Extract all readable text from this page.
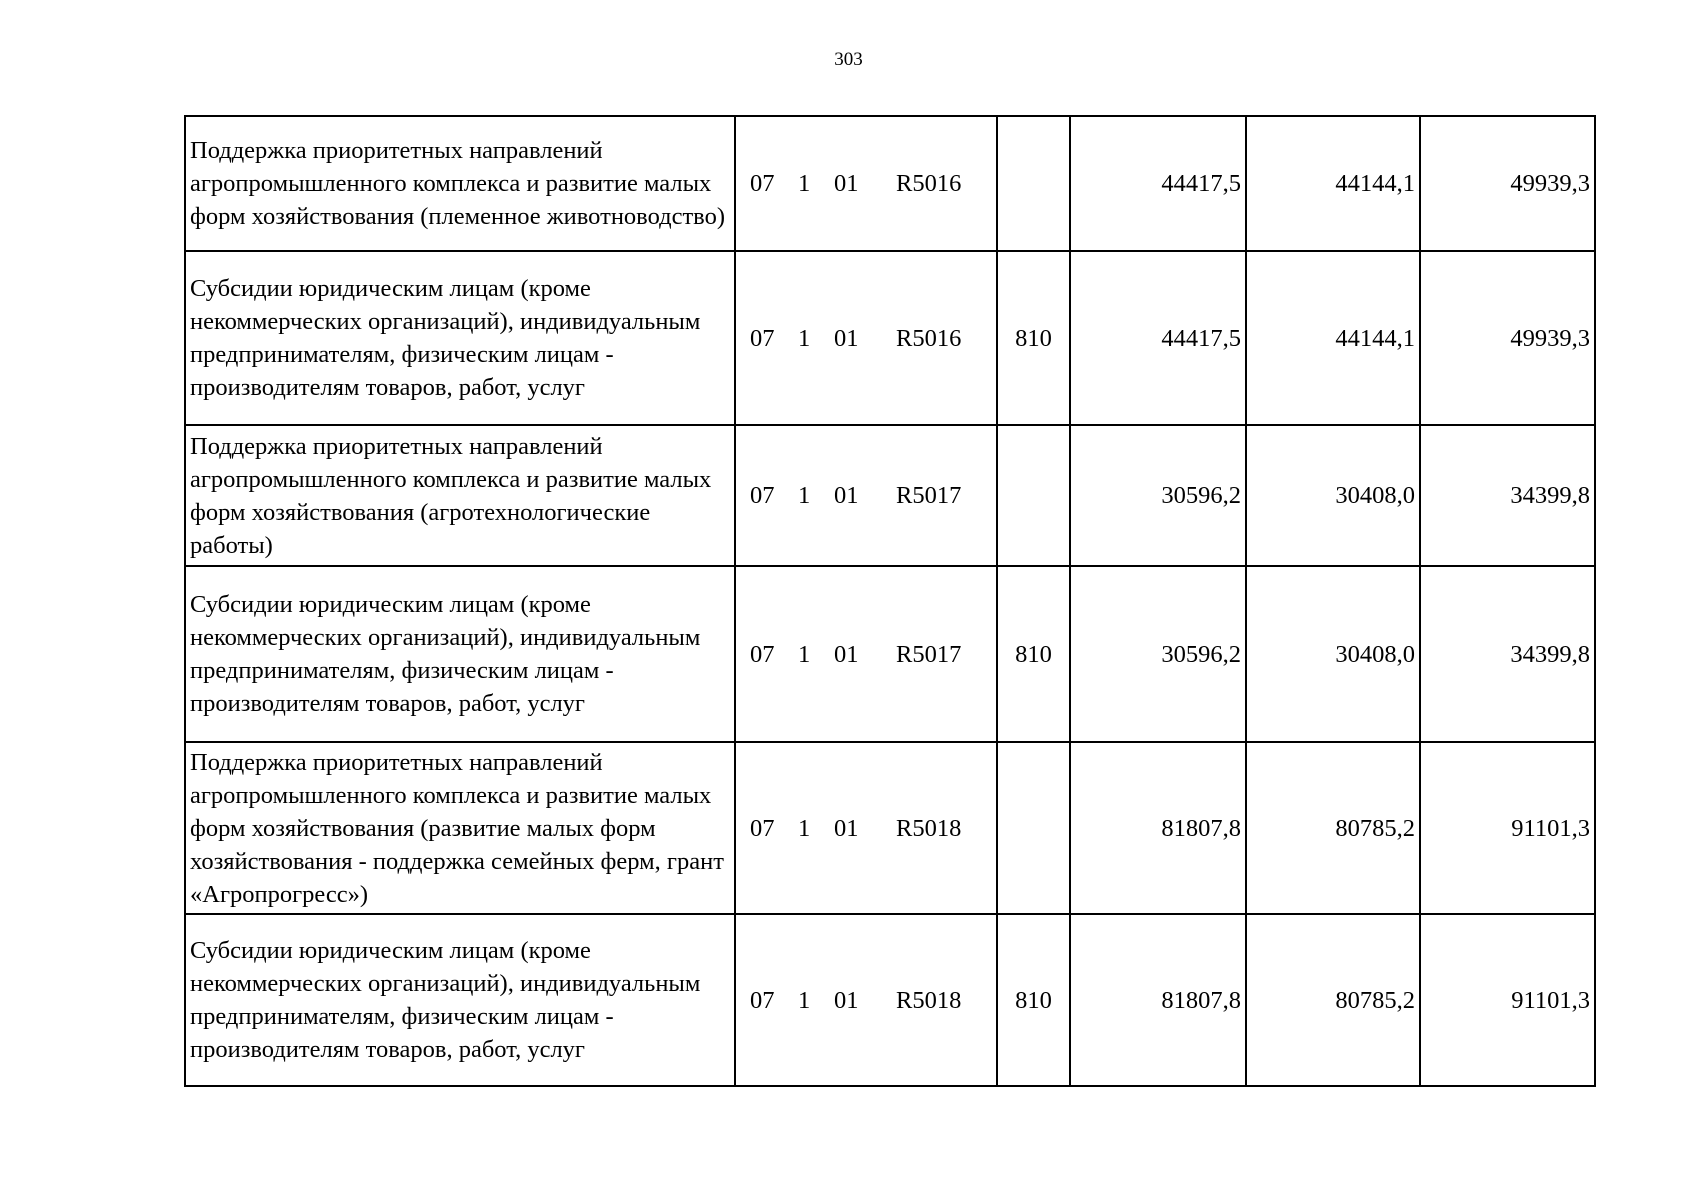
303
Поддержка приоритетных направлений агропромышленного комплекса и развитие малых форм хозяйствования (племенное животноводство)	07 1 01 R5016		44417,5	44144,1	49939,3
Субсидии юридическим лицам (кроме некоммерческих организаций), индивидуальным предпринимателям, физическим лицам - производителям товаров, работ, услуг	07 1 01 R5016	810	44417,5	44144,1	49939,3
Поддержка приоритетных направлений агропромышленного комплекса и развитие малых форм хозяйствования (агротехнологические работы)	07 1 01 R5017		30596,2	30408,0	34399,8
Субсидии юридическим лицам (кроме некоммерческих организаций), индивидуальным предпринимателям, физическим лицам - производителям товаров, работ, услуг	07 1 01 R5017	810	30596,2	30408,0	34399,8
Поддержка приоритетных направлений агропромышленного комплекса и развитие малых форм хозяйствования (развитие малых форм хозяйствования - поддержка семейных ферм, грант «Агропрогресс»)	07 1 01 R5018		81807,8	80785,2	91101,3
Субсидии юридическим лицам (кроме некоммерческих организаций), индивидуальным предпринимателям, физическим лицам - производителям товаров, работ, услуг	07 1 01 R5018	810	81807,8	80785,2	91101,3
